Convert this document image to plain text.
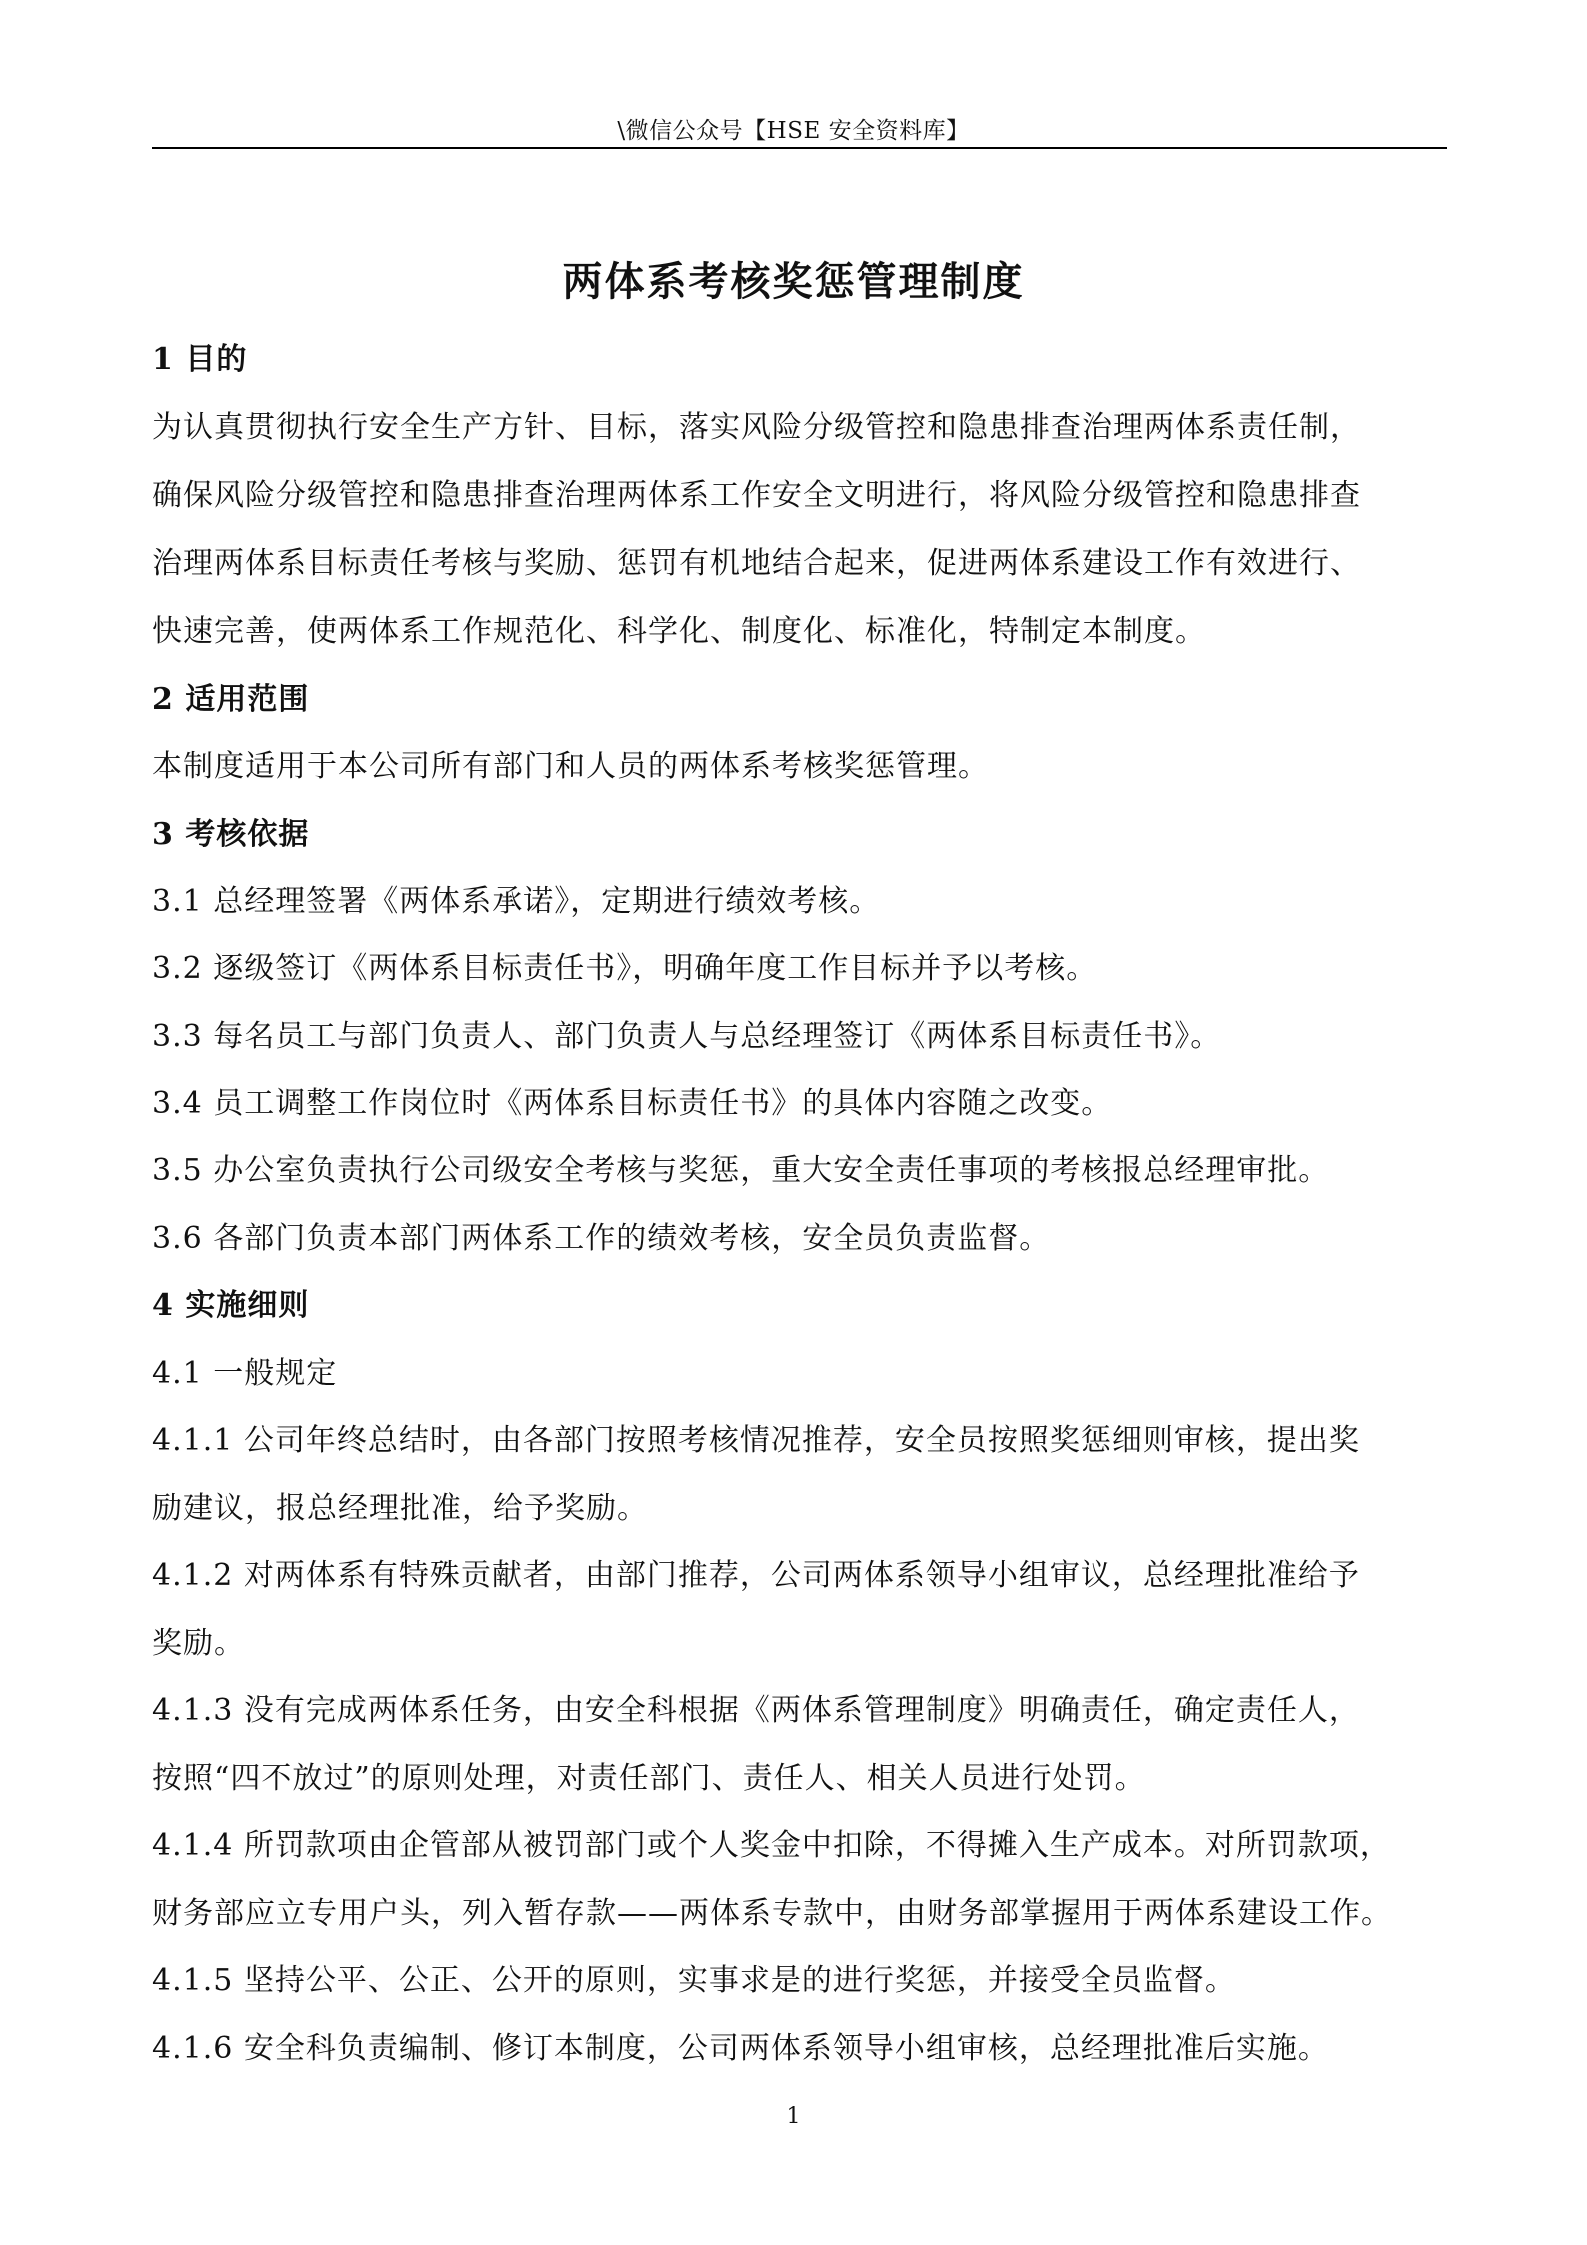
\微信公众号【HSE 安全资料库】
两体系考核奖惩管理制度
1 目的
为认真贯彻执行安全生产方针、目标，落实风险分级管控和隐患排查治理两体系责任制，
确保风险分级管控和隐患排查治理两体系工作安全文明进行，将风险分级管控和隐患排查
治理两体系目标责任考核与奖励、惩罚有机地结合起来，促进两体系建设工作有效进行、
快速完善，使两体系工作规范化、科学化、制度化、标准化，特制定本制度。
2 适用范围
本制度适用于本公司所有部门和人员的两体系考核奖惩管理。
3 考核依据
3.1 总经理签署《两体系承诺》，定期进行绩效考核。
3.2 逐级签订《两体系目标责任书》，明确年度工作目标并予以考核。
3.3 每名员工与部门负责人、部门负责人与总经理签订《两体系目标责任书》。
3.4 员工调整工作岗位时《两体系目标责任书》的具体内容随之改变。
3.5 办公室负责执行公司级安全考核与奖惩，重大安全责任事项的考核报总经理审批。
3.6 各部门负责本部门两体系工作的绩效考核，安全员负责监督。
4 实施细则
4.1 一般规定
4.1.1 公司年终总结时，由各部门按照考核情况推荐，安全员按照奖惩细则审核，提出奖
励建议，报总经理批准，给予奖励。
4.1.2 对两体系有特殊贡献者，由部门推荐，公司两体系领导小组审议，总经理批准给予
奖励。
4.1.3 没有完成两体系任务，由安全科根据《两体系管理制度》明确责任，确定责任人，
按照“四不放过”的原则处理，对责任部门、责任人、相关人员进行处罚。
4.1.4 所罚款项由企管部从被罚部门或个人奖金中扣除，不得摊入生产成本。对所罚款项，
财务部应立专用户头，列入暂存款——两体系专款中，由财务部掌握用于两体系建设工作。
4.1.5 坚持公平、公正、公开的原则，实事求是的进行奖惩，并接受全员监督。
4.1.6 安全科负责编制、修订本制度，公司两体系领导小组审核，总经理批准后实施。
1
